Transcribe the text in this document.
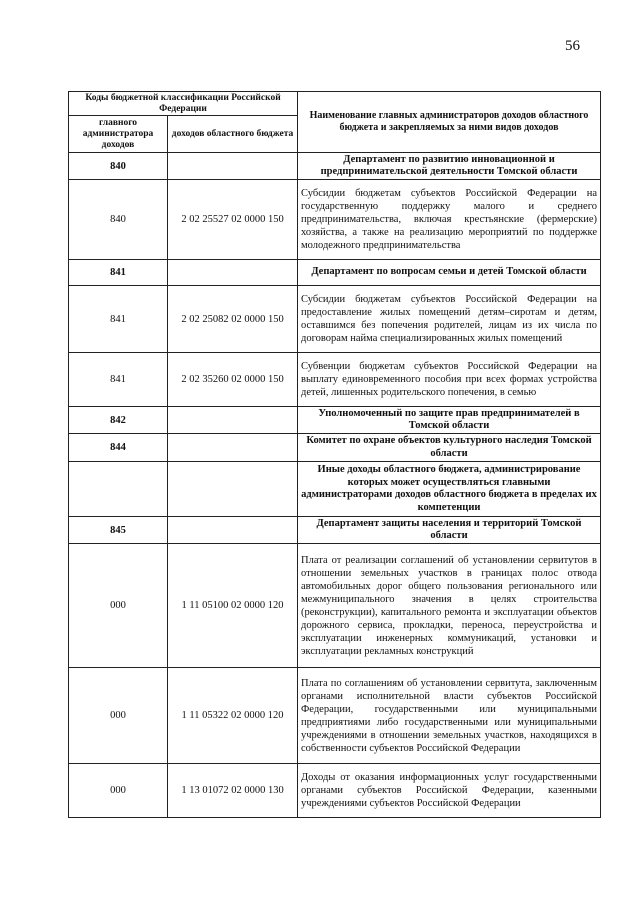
56
Коды бюджетной классификации Российской Федерации		Наименование главных администраторов доходов областного бюджета и закрепляемых за ними видов доходов
главного администратора доходов	доходов областного бюджета	
840		Департамент по развитию инновационной и предпринимательской деятельности Томской области
840	2 02 25527 02 0000 150	Субсидии бюджетам субъектов Российской Федерации на государственную поддержку малого и среднего предпринимательства, включая крестьянские (фермерские) хозяйства, а также на реализацию мероприятий по поддержке молодежного предпринимательства
841		Департамент по вопросам семьи и детей Томской области
841	2 02 25082 02 0000 150	Субсидии бюджетам субъектов Российской Федерации на предоставление жилых помещений детям–сиротам и детям, оставшимся без попечения родителей, лицам из их числа по договорам найма специализированных жилых помещений
841	2 02 35260 02 0000 150	Субвенции бюджетам субъектов Российской Федерации на выплату единовременного пособия при всех формах устройства детей, лишенных родительского попечения, в семью
842		Уполномоченный по защите прав предпринимателей в Томской области
844		Комитет по охране объектов культурного наследия Томской области
		Иные доходы областного бюджета, администрирование которых может осуществляться главными администраторами доходов областного бюджета в пределах их компетенции
845		Департамент защиты населения и территорий Томской области
000	1 11 05100 02 0000 120	Плата от реализации соглашений об установлении сервитутов в отношении земельных участков в границах полос отвода автомобильных дорог общего пользования регионального или межмуниципального значения в целях строительства (реконструкции), капитального ремонта и эксплуатации объектов дорожного сервиса, прокладки, переноса, переустройства и эксплуатации инженерных коммуникаций, установки и эксплуатации рекламных конструкций
000	1 11 05322 02 0000 120	Плата по соглашениям об установлении сервитута, заключенным органами исполнительной власти субъектов Российской Федерации, государственными или муниципальными предприятиями либо государственными или муниципальными учреждениями в отношении земельных участков, находящихся в собственности субъектов Российской Федерации
000	1 13 01072 02 0000 130	Доходы от оказания информационных услуг государственными органами субъектов Российской Федерации, казенными учреждениями субъектов Российской Федерации
